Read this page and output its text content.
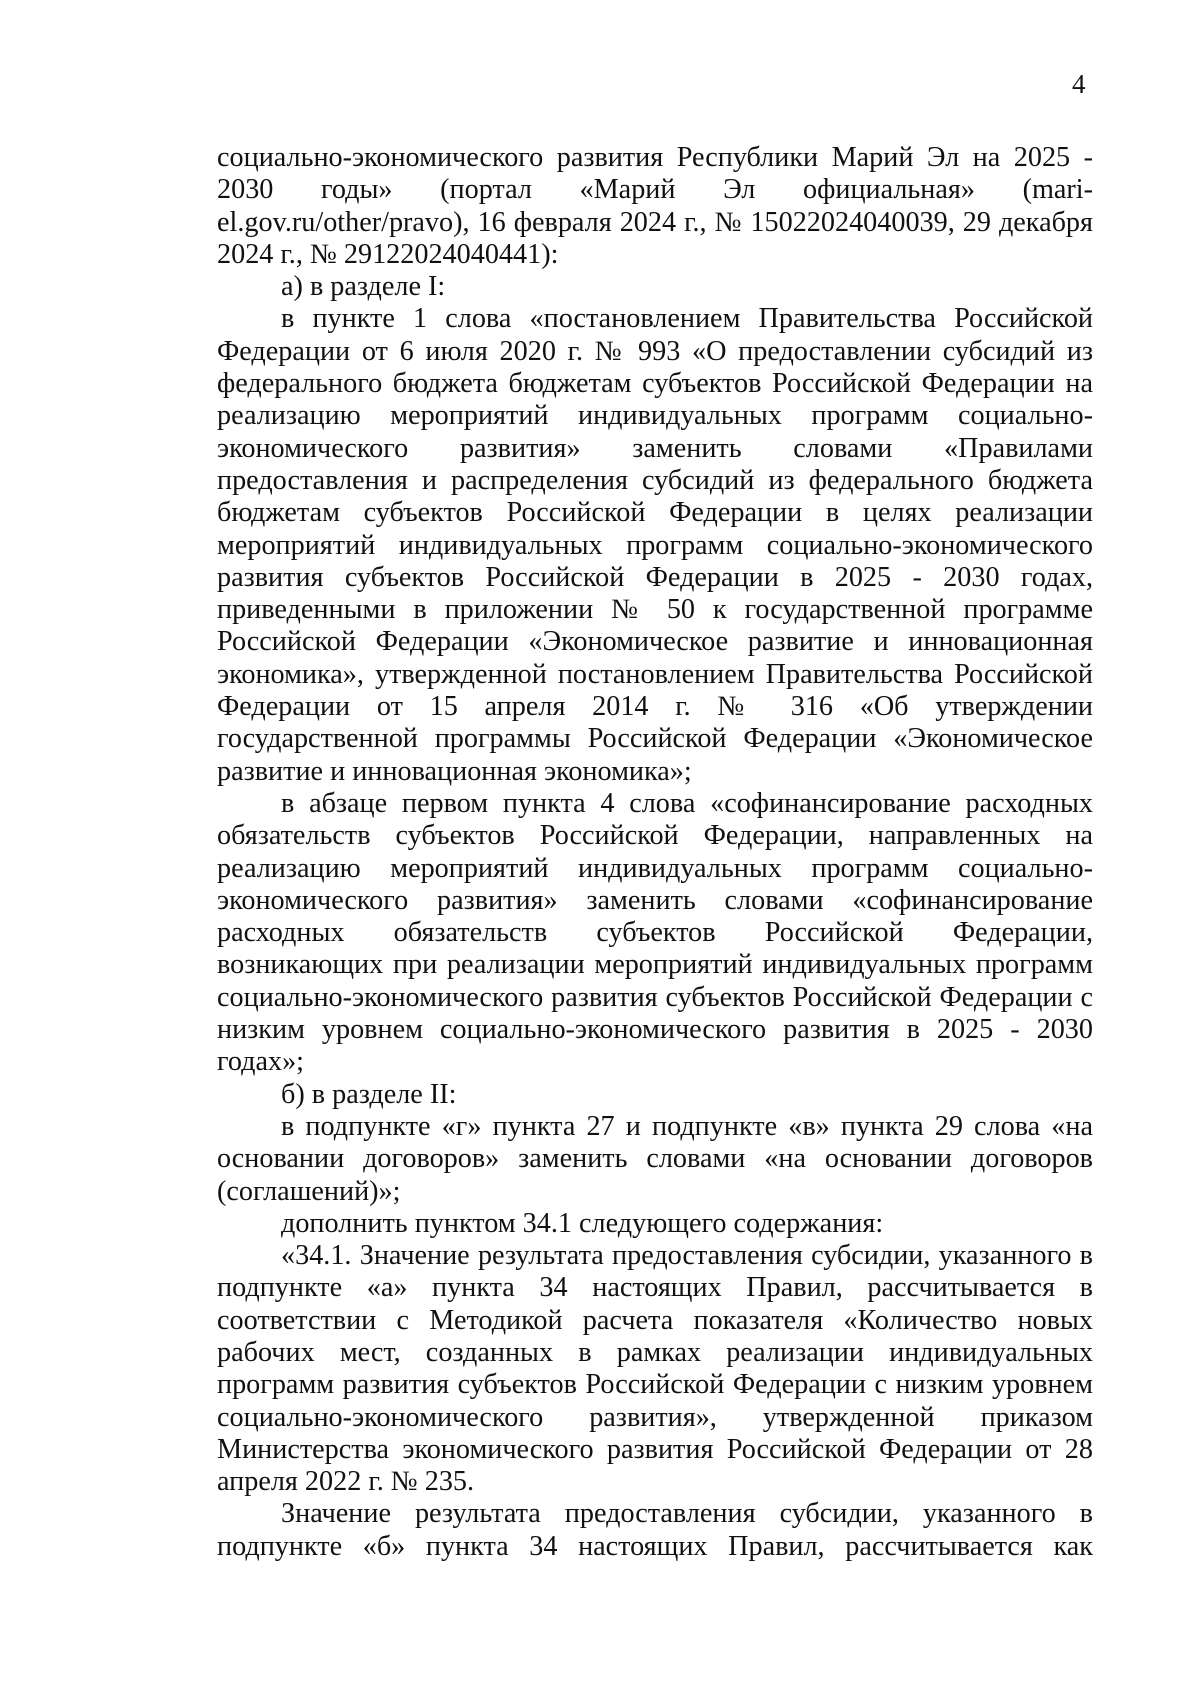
4

социально-экономического развития Республики Марий Эл на 2025 - 2030 годы» (портал «Марий Эл официальная» (mari-el.gov.ru/other/pravo), 16 февраля 2024 г., № 15022024040039, 29 декабря 2024 г., № 29122024040441):

а) в разделе I:

в пункте 1 слова «постановлением Правительства Российской Федерации от 6 июля 2020 г. № 993 «О предоставлении субсидий из федерального бюджета бюджетам субъектов Российской Федерации на реализацию мероприятий индивидуальных программ социально-экономического развития» заменить словами «Правилами предоставления и распределения субсидий из федерального бюджета бюджетам субъектов Российской Федерации в целях реализации мероприятий индивидуальных программ социально-экономического развития субъектов Российской Федерации в 2025 - 2030 годах, приведенными в приложении № 50 к государственной программе Российской Федерации «Экономическое развитие и инновационная экономика», утвержденной постановлением Правительства Российской Федерации от 15 апреля 2014 г. № 316 «Об утверждении государственной программы Российской Федерации «Экономическое развитие и инновационная экономика»;

в абзаце первом пункта 4 слова «софинансирование расходных обязательств субъектов Российской Федерации, направленных на реализацию мероприятий индивидуальных программ социально-экономического развития» заменить словами «софинансирование расходных обязательств субъектов Российской Федерации, возникающих при реализации мероприятий индивидуальных программ социально-экономического развития субъектов Российской Федерации с низким уровнем социально-экономического развития в 2025 - 2030 годах»;

б) в разделе II:

в подпункте «г» пункта 27 и подпункте «в» пункта 29 слова «на основании договоров» заменить словами «на основании договоров (соглашений)»;

дополнить пунктом 34.1 следующего содержания:

«34.1. Значение результата предоставления субсидии, указанного в подпункте «а» пункта 34 настоящих Правил, рассчитывается в соответствии с Методикой расчета показателя «Количество новых рабочих мест, созданных в рамках реализации индивидуальных программ развития субъектов Российской Федерации с низким уровнем социально-экономического развития», утвержденной приказом Министерства экономического развития Российской Федерации от 28 апреля 2022 г. № 235.

Значение результата предоставления субсидии, указанного в подпункте «б» пункта 34 настоящих Правил, рассчитывается как
